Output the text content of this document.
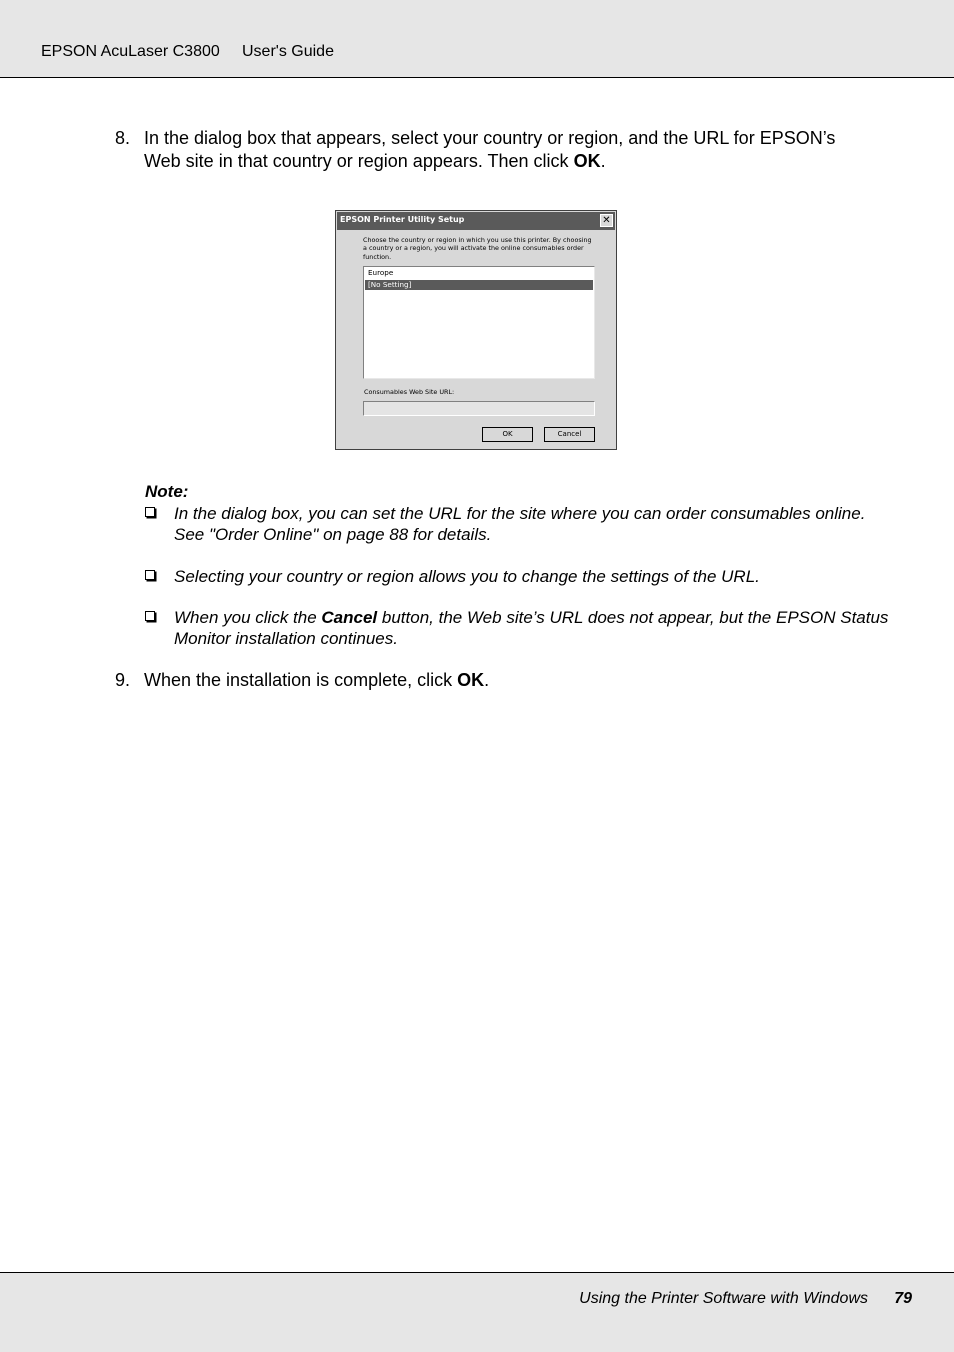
EPSON AcuLaser C3800 User's Guide
8. In the dialog box that appears, select your country or region, and the URL for EPSON’s Web site in that country or region appears. Then click OK.
EPSON Printer Utility Setup	✕
Choose the country or region in which you use this printer. By choosing a country or a region, you will activate the online consumables order function.
Europe
[No Setting]
Consumables Web Site URL:
OK	Cancel
Note:
In the dialog box, you can set the URL for the site where you can order consumables online. See "Order Online" on page 88 for details.
Selecting your country or region allows you to change the settings of the URL.
When you click the Cancel button, the Web site’s URL does not appear, but the EPSON Status Monitor installation continues.
9. When the installation is complete, click OK.
Using the Printer Software with Windows 79
